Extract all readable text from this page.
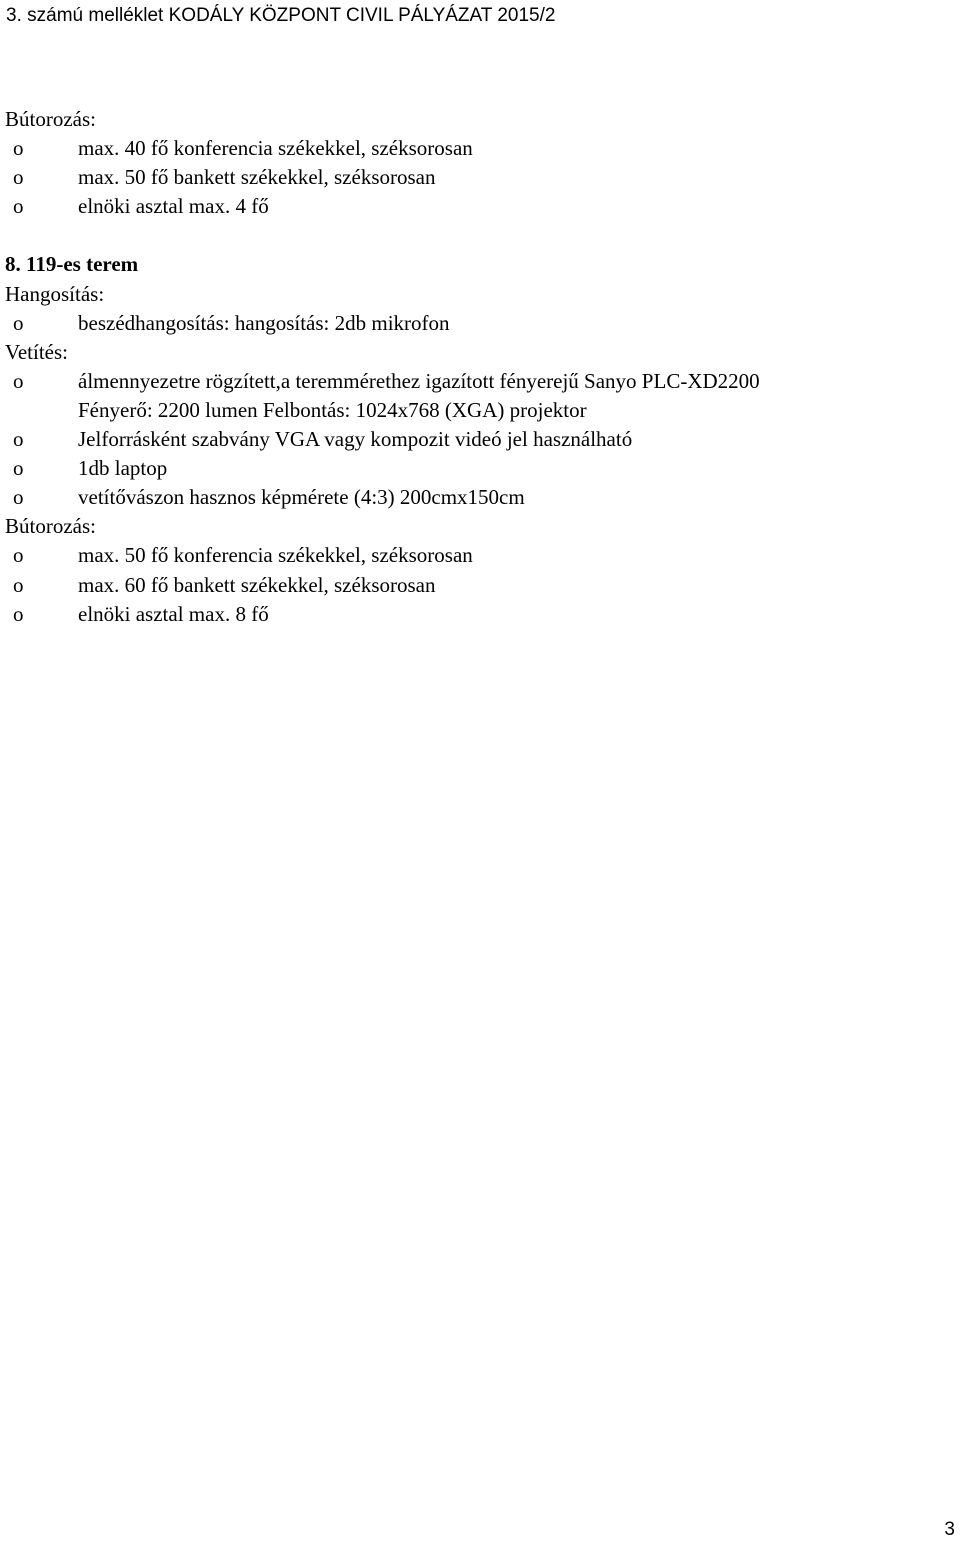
3. számú melléklet KODÁLY KÖZPONT CIVIL PÁLYÁZAT 2015/2
Bútorozás:
o	max. 40 fő konferencia székekkel, széksorosan
o	max. 50 fő bankett székekkel, széksorosan
o	elnöki asztal max. 4 fő
8. 119-es terem
Hangosítás:
o	beszédhangosítás: hangosítás: 2db mikrofon
Vetítés:
o	álmennyezetre rögzített,a teremmérethez igazított fényerejű Sanyo PLC-XD2200
Fényerő: 2200 lumen Felbontás: 1024x768 (XGA) projektor
o	Jelforrásként szabvány VGA vagy kompozit videó jel használható
o	1db laptop
o	vetítővászon hasznos képmérete (4:3) 200cmx150cm
Bútorozás:
o	max. 50 fő konferencia székekkel, széksorosan
o	max. 60 fő bankett székekkel, széksorosan
o	elnöki asztal max. 8 fő
3
